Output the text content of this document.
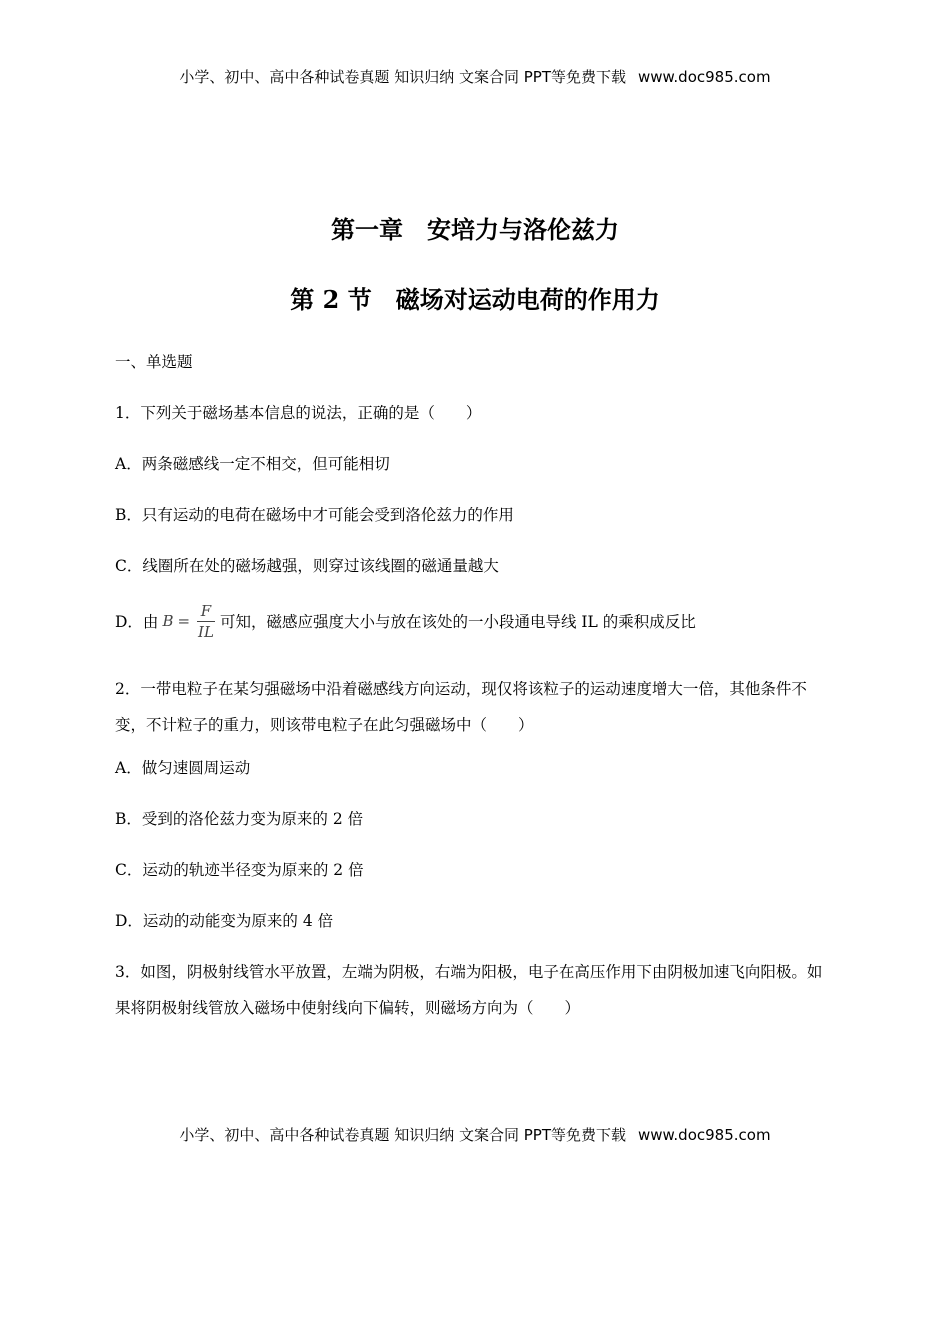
小学、初中、高中各种试卷真题 知识归纳 文案合同 PPT等免费下载 www.doc985.com
第一章　安培力与洛伦兹力
第 2 节　磁场对运动电荷的作用力
一、单选题
1．下列关于磁场基本信息的说法，正确的是（　　）
A．两条磁感线一定不相交，但可能相切
B．只有运动的电荷在磁场中才可能会受到洛伦兹力的作用
C．线圈所在处的磁场越强，则穿过该线圈的磁通量越大
D．由 $B = \frac{F}{IL}$ 可知，磁感应强度大小与放在该处的一小段通电导线 IL 的乘积成反比
2．一带电粒子在某匀强磁场中沿着磁感线方向运动，现仅将该粒子的运动速度增大一倍，其他条件不变，不计粒子的重力，则该带电粒子在此匀强磁场中（　　）
A．做匀速圆周运动
B．受到的洛伦兹力变为原来的 2 倍
C．运动的轨迹半径变为原来的 2 倍
D．运动的动能变为原来的 4 倍
3．如图，阴极射线管水平放置，左端为阴极，右端为阳极，电子在高压作用下由阴极加速飞向阳极。如果将阴极射线管放入磁场中使射线向下偏转，则磁场方向为（　　）
小学、初中、高中各种试卷真题 知识归纳 文案合同 PPT等免费下载 www.doc985.com
